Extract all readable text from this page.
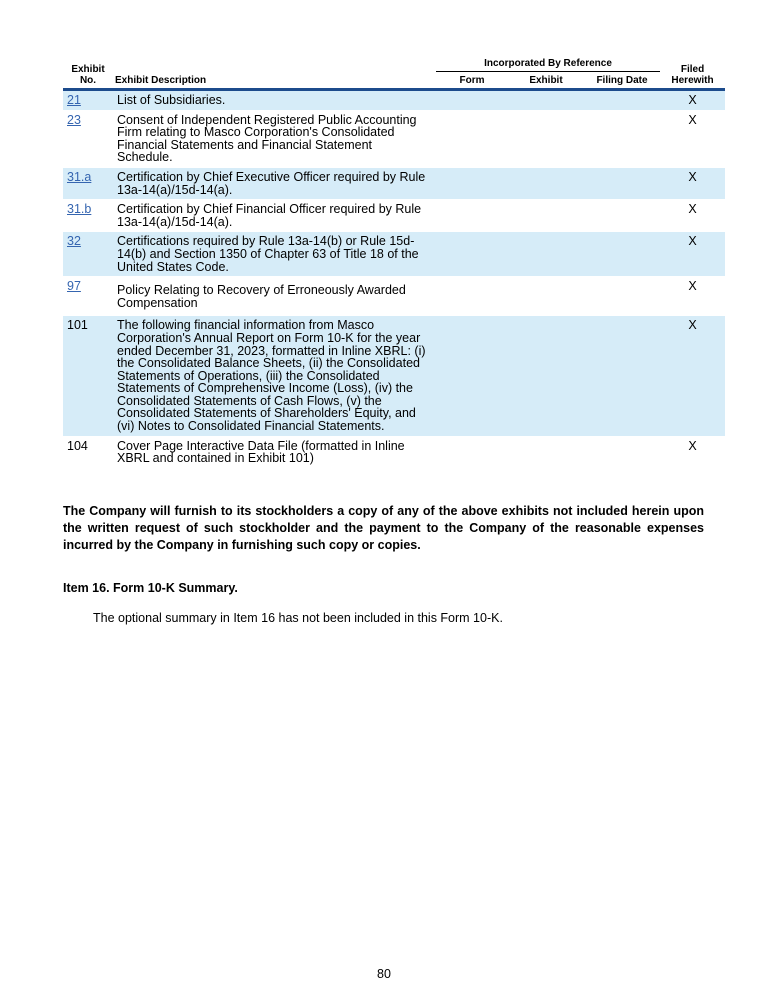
Exhibit No.	Exhibit Description		Incorporated By Reference			Filed Herewith
			Form	Exhibit	Filing Date	
21	List of Subsidiaries.					X
23	Consent of Independent Registered Public Accounting Firm relating to Masco Corporation's Consolidated Financial Statements and Financial Statement Schedule.					X
31.a	Certification by Chief Executive Officer required by Rule 13a-14(a)/15d-14(a).					X
31.b	Certification by Chief Financial Officer required by Rule 13a-14(a)/15d-14(a).					X
32	Certifications required by Rule 13a-14(b) or Rule 15d-14(b) and Section 1350 of Chapter 63 of Title 18 of the United States Code.					X
97	Policy Relating to Recovery of Erroneously Awarded Compensation					X
101	The following financial information from Masco Corporation's Annual Report on Form 10-K for the year ended December 31, 2023, formatted in Inline XBRL: (i) the Consolidated Balance Sheets, (ii) the Consolidated Statements of Operations, (iii) the Consolidated Statements of Comprehensive Income (Loss), (iv) the Consolidated Statements of Cash Flows, (v) the Consolidated Statements of Shareholders' Equity, and (vi) Notes to Consolidated Financial Statements.					X
104	Cover Page Interactive Data File (formatted in Inline XBRL and contained in Exhibit 101)					X
The Company will furnish to its stockholders a copy of any of the above exhibits not included herein upon the written request of such stockholder and the payment to the Company of the reasonable expenses incurred by the Company in furnishing such copy or copies.
Item 16. Form 10-K Summary.
The optional summary in Item 16 has not been included in this Form 10-K.
80
